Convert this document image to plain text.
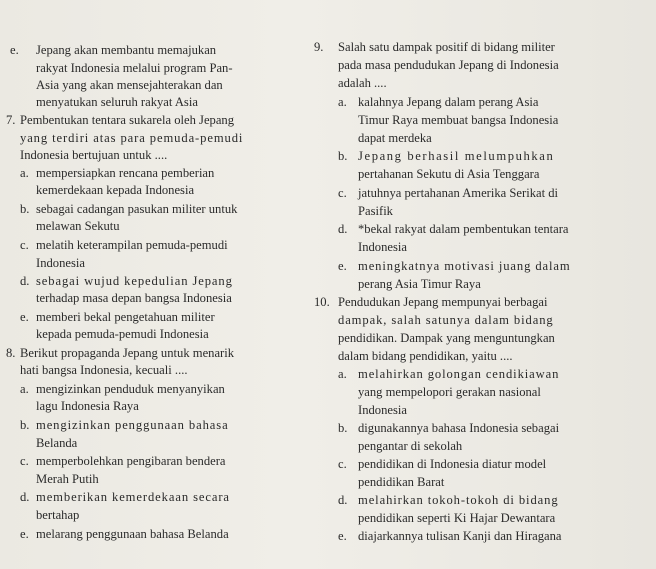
e. Jepang akan membantu memajukan
rakyat Indonesia melalui program Pan-
Asia yang akan mensejahterakan dan
menyatukan seluruh rakyat Asia
7. Pembentukan tentara sukarela oleh Jepang
yang terdiri atas para pemuda-pemudi
Indonesia bertujuan untuk ....
a. mempersiapkan rencana pemberian
kemerdekaan kepada Indonesia
b. sebagai cadangan pasukan militer untuk
melawan Sekutu
c. melatih keterampilan pemuda-pemudi
Indonesia
d. sebagai wujud kepedulian Jepang
terhadap masa depan bangsa Indonesia
e. memberi bekal pengetahuan militer
kepada pemuda-pemudi Indonesia
8. Berikut propaganda Jepang untuk menarik
hati bangsa Indonesia, kecuali ....
a. mengizinkan penduduk menyanyikan
lagu Indonesia Raya
b. mengizinkan penggunaan bahasa
Belanda
c. memperbolehkan pengibaran bendera
Merah Putih
d. memberikan kemerdekaan secara
bertahap
e. melarang penggunaan bahasa Belanda
9. Salah satu dampak positif di bidang militer
pada masa pendudukan Jepang di Indonesia
adalah ....
a. kalahnya Jepang dalam perang Asia
Timur Raya membuat bangsa Indonesia
dapat merdeka
b. Jepang berhasil melumpuhkan
pertahanan Sekutu di Asia Tenggara
c. jatuhnya pertahanan Amerika Serikat di
Pasifik
d. *bekal rakyat dalam pembentukan tentara
Indonesia
e. meningkatnya motivasi juang dalam
perang Asia Timur Raya
10. Pendudukan Jepang mempunyai berbagai
dampak, salah satunya dalam bidang
pendidikan. Dampak yang menguntungkan
dalam bidang pendidikan, yaitu ....
a. melahirkan golongan cendikiawan
yang mempelopori gerakan nasional
Indonesia
b. digunakannya bahasa Indonesia sebagai
pengantar di sekolah
c. pendidikan di Indonesia diatur model
pendidikan Barat
d. melahirkan tokoh-tokoh di bidang
pendidikan seperti Ki Hajar Dewantara
e. diajarkannya tulisan Kanji dan Hiragana
